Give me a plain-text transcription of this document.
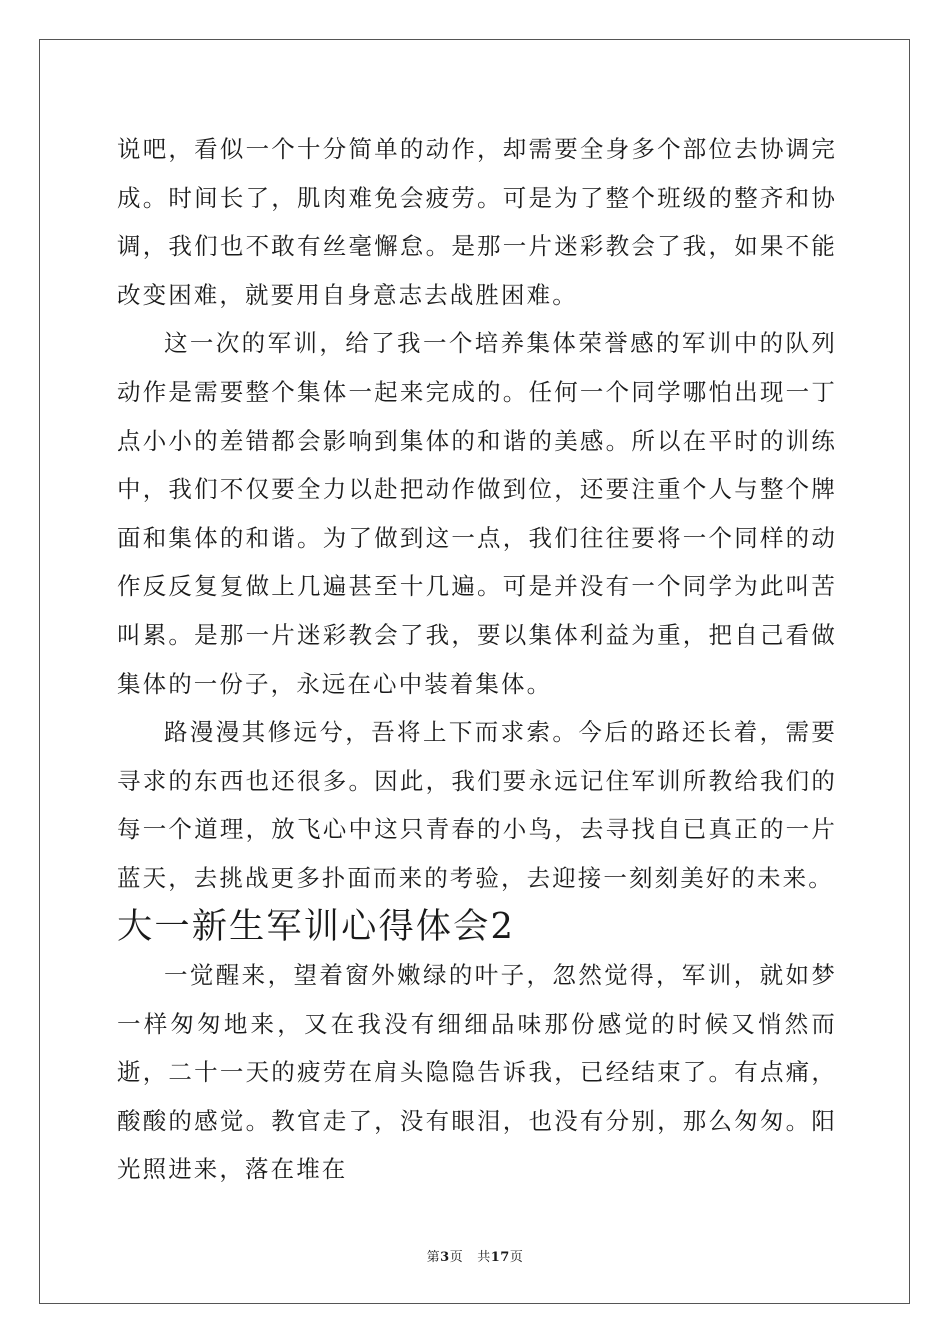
说吧，看似一个十分简单的动作，却需要全身多个部位去协调完成。时间长了，肌肉难免会疲劳。可是为了整个班级的整齐和协调，我们也不敢有丝毫懈怠。是那一片迷彩教会了我，如果不能改变困难，就要用自身意志去战胜困难。

这一次的军训，给了我一个培养集体荣誉感的军训中的队列动作是需要整个集体一起来完成的。任何一个同学哪怕出现一丁点小小的差错都会影响到集体的和谐的美感。所以在平时的训练中，我们不仅要全力以赴把动作做到位，还要注重个人与整个牌面和集体的和谐。为了做到这一点，我们往往要将一个同样的动作反反复复做上几遍甚至十几遍。可是并没有一个同学为此叫苦叫累。是那一片迷彩教会了我，要以集体利益为重，把自己看做集体的一份子，永远在心中装着集体。

路漫漫其修远兮，吾将上下而求索。今后的路还长着，需要寻求的东西也还很多。因此，我们要永远记住军训所教给我们的每一个道理，放飞心中这只青春的小鸟，去寻找自已真正的一片蓝天，去挑战更多扑面而来的考验，去迎接一刻刻美好的未来。

大一新生军训心得体会2

一觉醒来，望着窗外嫩绿的叶子，忽然觉得，军训，就如梦一样匆匆地来，又在我没有细细品味那份感觉的时候又悄然而逝，二十一天的疲劳在肩头隐隐告诉我，已经结束了。有点痛，酸酸的感觉。教官走了，没有眼泪，也没有分别，那么匆匆。阳光照进来，落在堆在

第3页 共17页
